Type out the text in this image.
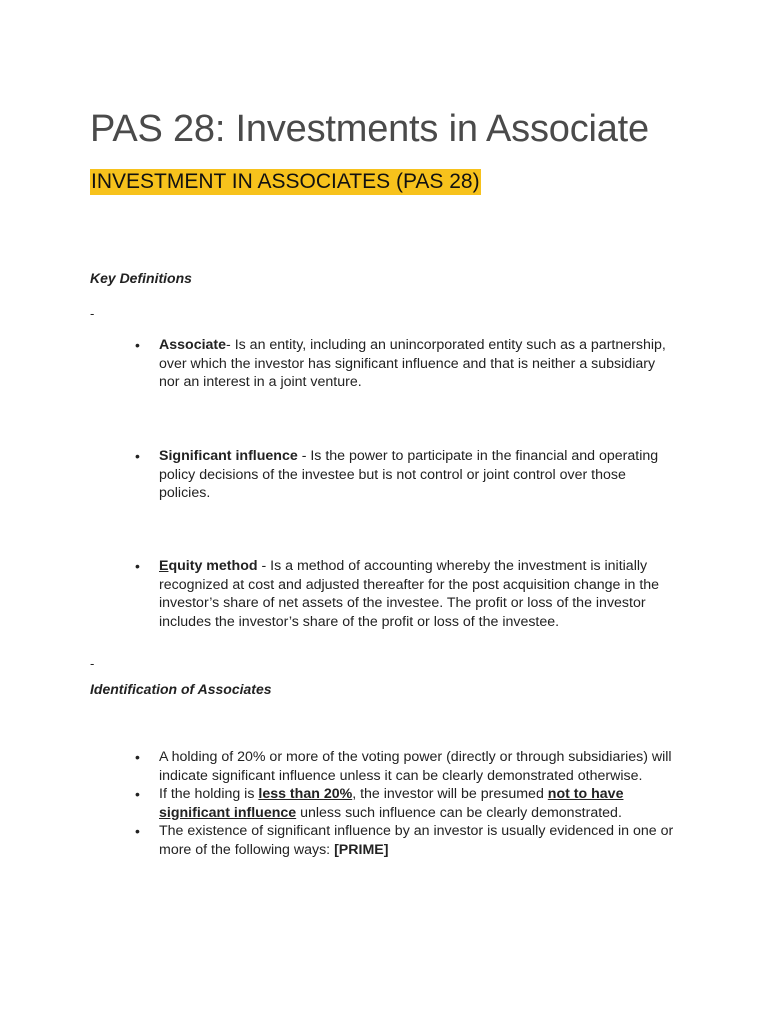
PAS 28: Investments in Associate
INVESTMENT IN ASSOCIATES (PAS 28)

Key Definitions

-

• Associate- Is an entity, including an unincorporated entity such as a partnership, over which the investor has significant influence and that is neither a subsidiary nor an interest in a joint venture.
• Significant influence - Is the power to participate in the financial and operating policy decisions of the investee but is not control or joint control over those policies.
• Equity method - Is a method of accounting whereby the investment is initially recognized at cost and adjusted thereafter for the post acquisition change in the investor’s share of net assets of the investee. The profit or loss of the investor includes the investor’s share of the profit or loss of the investee.

-

Identification of Associates

• A holding of 20% or more of the voting power (directly or through subsidiaries) will indicate significant influence unless it can be clearly demonstrated otherwise.
• If the holding is less than 20%, the investor will be presumed not to have significant influence unless such influence can be clearly demonstrated.
• The existence of significant influence by an investor is usually evidenced in one or more of the following ways: [PRIME]
